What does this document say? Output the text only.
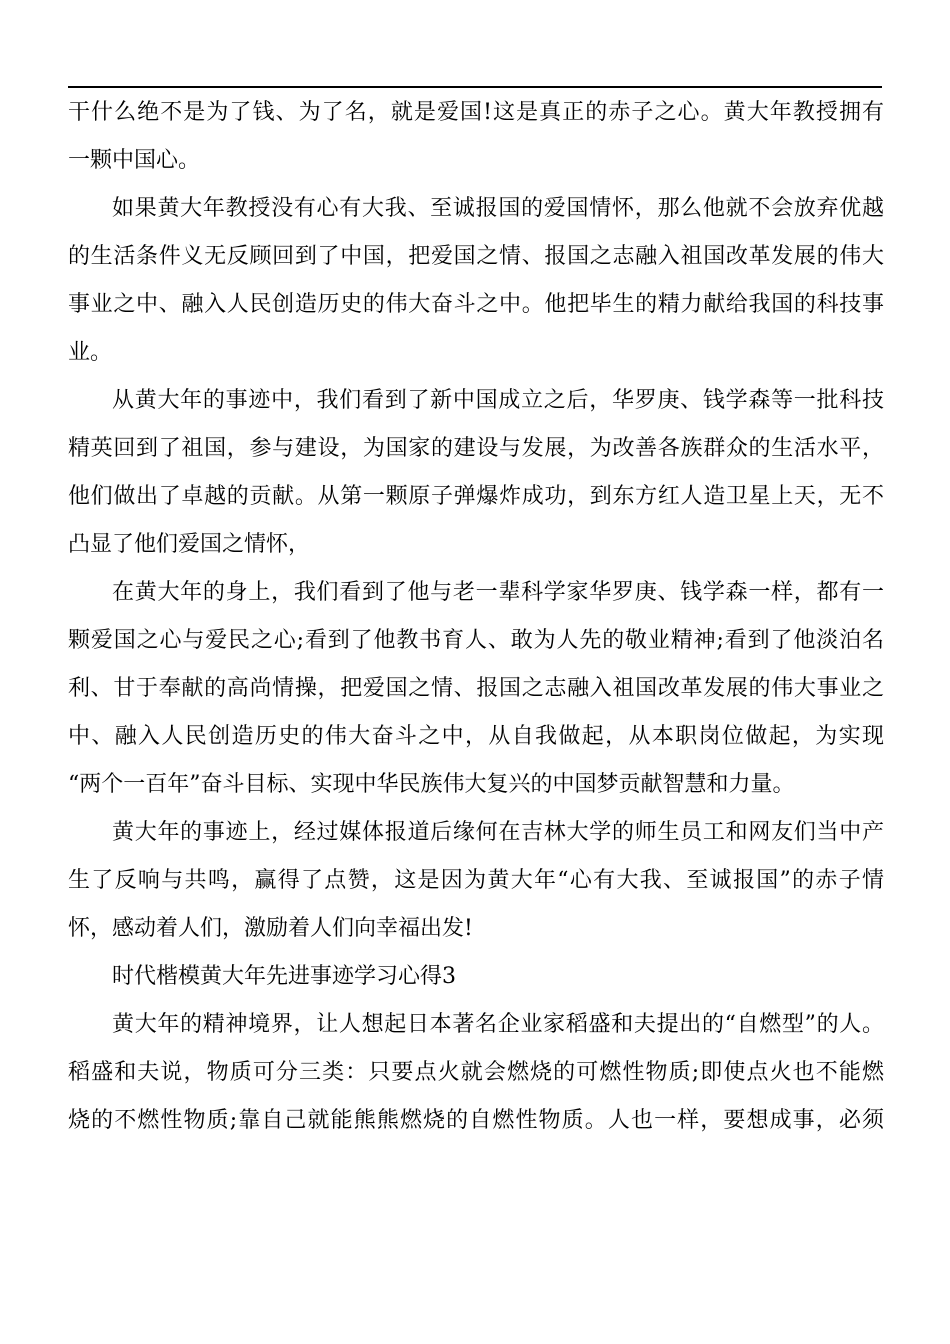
干什么绝不是为了钱、为了名，就是爱国!这是真正的赤子之心。黄大年教授拥有
一颗中国心。
如果黄大年教授没有心有大我、至诚报国的爱国情怀，那么他就不会放弃优越
的生活条件义无反顾回到了中国，把爱国之情、报国之志融入祖国改革发展的伟大
事业之中、融入人民创造历史的伟大奋斗之中。他把毕生的精力献给我国的科技事
业。
从黄大年的事迹中，我们看到了新中国成立之后，华罗庚、钱学森等一批科技
精英回到了祖国，参与建设，为国家的建设与发展，为改善各族群众的生活水平，
他们做出了卓越的贡献。从第一颗原子弹爆炸成功，到东方红人造卫星上天，无不
凸显了他们爱国之情怀，
在黄大年的身上，我们看到了他与老一辈科学家华罗庚、钱学森一样，都有一
颗爱国之心与爱民之心;看到了他教书育人、敢为人先的敬业精神;看到了他淡泊名
利、甘于奉献的高尚情操，把爱国之情、报国之志融入祖国改革发展的伟大事业之
中、融入人民创造历史的伟大奋斗之中，从自我做起，从本职岗位做起，为实现
“两个一百年”奋斗目标、实现中华民族伟大复兴的中国梦贡献智慧和力量。
黄大年的事迹上，经过媒体报道后缘何在吉林大学的师生员工和网友们当中产
生了反响与共鸣，赢得了点赞，这是因为黄大年“心有大我、至诚报国”的赤子情
怀，感动着人们，激励着人们向幸福出发!
时代楷模黄大年先进事迹学习心得3
黄大年的精神境界，让人想起日本著名企业家稻盛和夫提出的“自燃型”的人。
稻盛和夫说，物质可分三类：只要点火就会燃烧的可燃性物质;即使点火也不能燃
烧的不燃性物质;靠自己就能熊熊燃烧的自燃性物质。人也一样，要想成事，必须
